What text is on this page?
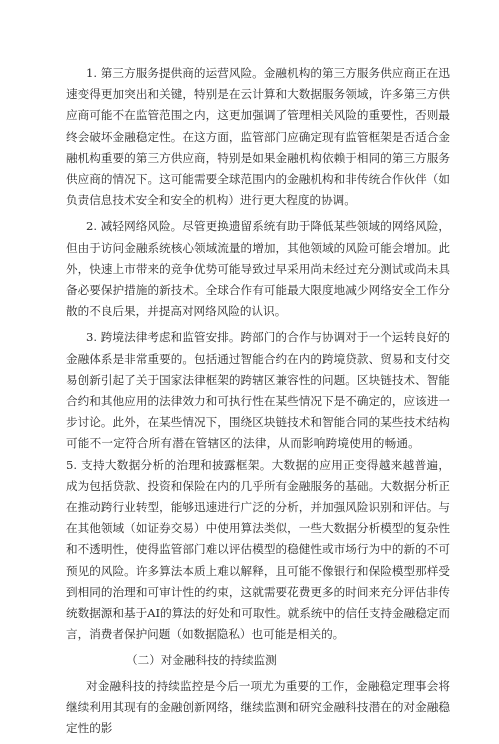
1. 第三方服务提供商的运营风险。金融机构的第三方服务供应商正在迅速变得更加突出和关键，特别是在云计算和大数据服务领域，许多第三方供应商可能不在监管范围之内，这更加强调了管理相关风险的重要性，否则最终会破坏金融稳定性。在这方面，监管部门应确定现有监管框架是否适合金融机构重要的第三方供应商，特别是如果金融机构依赖于相同的第三方服务供应商的情况下。这可能需要全球范围内的金融机构和非传统合作伙伴（如负责信息技术安全和安全的机构）进行更大程度的协调。

2. 减轻网络风险。尽管更换遗留系统有助于降低某些领域的网络风险，但由于访问金融系统核心领域流量的增加，其他领域的风险可能会增加。此外，快速上市带来的竞争优势可能导致过早采用尚未经过充分测试或尚未具备必要保护措施的新技术。全球合作有可能最大限度地减少网络安全工作分散的不良后果，并提高对网络风险的认识。

3. 跨境法律考虑和监管安排。跨部门的合作与协调对于一个运转良好的金融体系是非常重要的。包括通过智能合约在内的跨境贷款、贸易和支付交易创新引起了关于国家法律框架的跨辖区兼容性的问题。区块链技术、智能合约和其他应用的法律效力和可执行性在某些情况下是不确定的，应该进一步讨论。此外，在某些情况下，围绕区块链技术和智能合同的某些技术结构可能不一定符合所有潜在管辖区的法律，从而影响跨境使用的畅通。5. 支持大数据分析的治理和披露框架。大数据的应用正变得越来越普遍，成为包括贷款、投资和保险在内的几乎所有金融服务的基础。大数据分析正在推动跨行业转型，能够迅速进行广泛的分析，并加强风险识别和评估。与在其他领域（如证券交易）中使用算法类似，一些大数据分析模型的复杂性和不透明性，使得监管部门难以评估模型的稳健性或市场行为中的新的不可预见的风险。许多算法本质上难以解释，且可能不像银行和保险模型那样受到相同的治理和可审计性的约束，这就需要花费更多的时间来充分评估非传统数据源和基于AI的算法的好处和可取性。就系统中的信任支持金融稳定而言，消费者保护问题（如数据隐私）也可能是相关的。

（二）对金融科技的持续监测

对金融科技的持续监控是今后一项尤为重要的工作，金融稳定理事会将继续利用其现有的金融创新网络，继续监测和研究金融科技潜在的对金融稳定性的影
